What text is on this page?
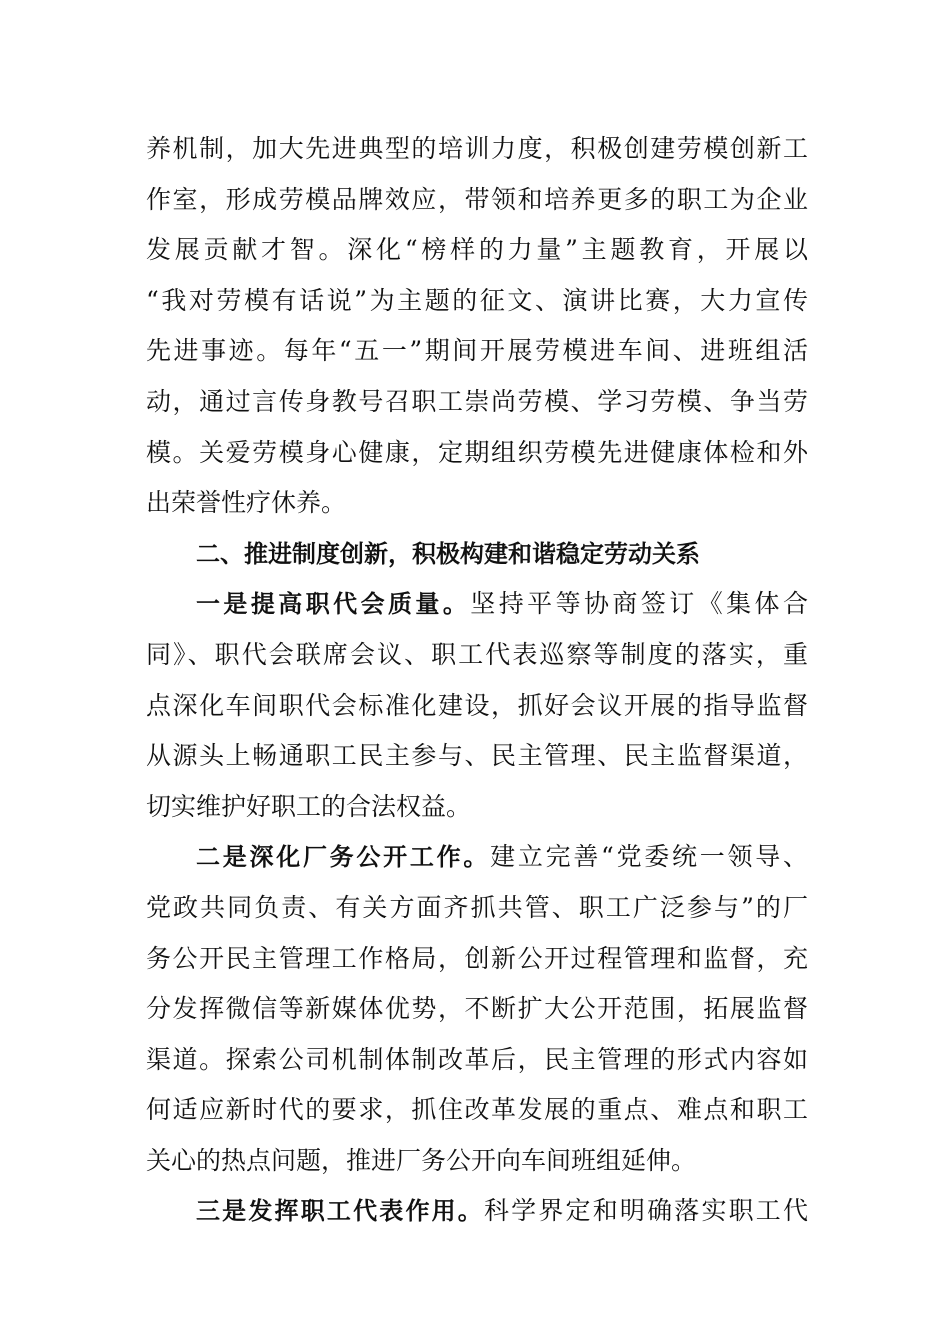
养机制，加大先进典型的培训力度，积极创建劳模创新工
作室，形成劳模品牌效应，带领和培养更多的职工为企业
发展贡献才智。深化“榜样的力量”主题教育，开展以
“我对劳模有话说”为主题的征文、演讲比赛，大力宣传
先进事迹。每年“五一”期间开展劳模进车间、进班组活
动，通过言传身教号召职工崇尚劳模、学习劳模、争当劳
模。关爱劳模身心健康，定期组织劳模先进健康体检和外
出荣誉性疗休养。
二、推进制度创新，积极构建和谐稳定劳动关系
一是提高职代会质量。坚持平等协商签订《集体合
同》、职代会联席会议、职工代表巡察等制度的落实，重
点深化车间职代会标准化建设，抓好会议开展的指导监督
从源头上畅通职工民主参与、民主管理、民主监督渠道，
切实维护好职工的合法权益。
二是深化厂务公开工作。建立完善“党委统一领导、
党政共同负责、有关方面齐抓共管、职工广泛参与”的厂
务公开民主管理工作格局，创新公开过程管理和监督，充
分发挥微信等新媒体优势，不断扩大公开范围，拓展监督
渠道。探索公司机制体制改革后，民主管理的形式内容如
何适应新时代的要求，抓住改革发展的重点、难点和职工
关心的热点问题，推进厂务公开向车间班组延伸。
三是发挥职工代表作用。科学界定和明确落实职工代
